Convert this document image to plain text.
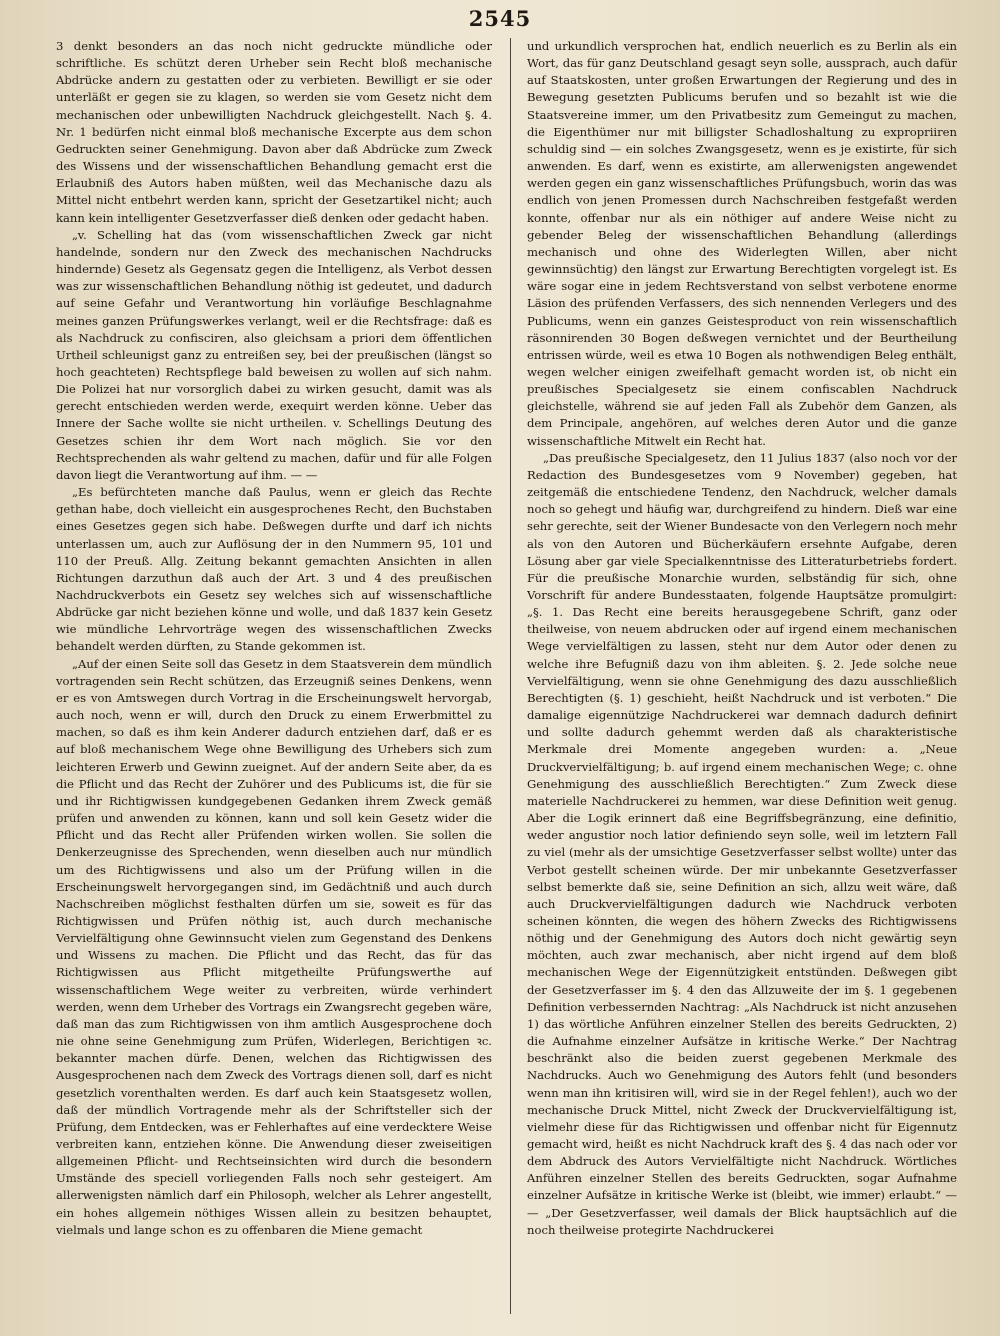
2545

3 denkt besonders an das noch nicht gedruckte mündliche oder schriftliche. Es schützt deren Urheber sein Recht bloß mechanische Abdrücke andern zu gestatten oder zu verbieten. Bewilligt er sie oder unterläßt er gegen sie zu klagen, so werden sie vom Gesetz nicht dem mechanischen oder unbewilligten Nachdruck gleichgestellt. Nach §. 4. Nr. 1 bedürfen nicht einmal bloß mechanische Excerpte aus dem schon Gedruckten seiner Genehmigung. Davon aber daß Abdrücke zum Zweck des Wissens und der wissenschaftlichen Behandlung gemacht erst die Erlaubniß des Autors haben müßten, weil das Mechanische dazu als Mittel nicht entbehrt werden kann, spricht der Gesetzartikel nicht; auch kann kein intelligenter Gesetzverfasser dieß denken oder gedacht haben.

„v. Schelling hat das (vom wissenschaftlichen Zweck gar nicht handelnde, sondern nur den Zweck des mechanischen Nachdrucks hindernde) Gesetz als Gegensatz gegen die Intelligenz, als Verbot dessen was zur wissenschaftlichen Behandlung nöthig ist gedeutet, und dadurch auf seine Gefahr und Verantwortung hin vorläufige Beschlagnahme meines ganzen Prüfungswerkes verlangt, weil er die Rechtsfrage: daß es als Nachdruck zu confisciren, also gleichsam a priori dem öffentlichen Urtheil schleunigst ganz zu entreißen sey, bei der preußischen (längst so hoch geachteten) Rechtspflege bald beweisen zu wollen auf sich nahm. Die Polizei hat nur vorsorglich dabei zu wirken gesucht, damit was als gerecht entschieden werden werde, exequirt werden könne. Ueber das Innere der Sache wollte sie nicht urtheilen. v. Schellings Deutung des Gesetzes schien ihr dem Wort nach möglich. Sie vor den Rechtsprechenden als wahr geltend zu machen, dafür und für alle Folgen davon liegt die Verantwortung auf ihm. — —

„Es befürchteten manche daß Paulus, wenn er gleich das Rechte gethan habe, doch vielleicht ein ausgesprochenes Recht, den Buchstaben eines Gesetzes gegen sich habe. Deßwegen durfte und darf ich nichts unterlassen um, auch zur Auflösung der in den Nummern 95, 101 und 110 der Preuß. Allg. Zeitung bekannt gemachten Ansichten in allen Richtungen darzuthun daß auch der Art. 3 und 4 des preußischen Nachdruckverbots ein Gesetz sey welches sich auf wissenschaftliche Abdrücke gar nicht beziehen könne und wolle, und daß 1837 kein Gesetz wie mündliche Lehrvorträge wegen des wissenschaftlichen Zwecks behandelt werden dürften, zu Stande gekommen ist.

„Auf der einen Seite soll das Gesetz in dem Staatsverein dem mündlich vortragenden sein Recht schützen, das Erzeugniß seines Denkens, wenn er es von Amtswegen durch Vortrag in die Erscheinungswelt hervorgab, auch noch, wenn er will, durch den Druck zu einem Erwerbmittel zu machen, so daß es ihm kein Anderer dadurch entziehen darf, daß er es auf bloß mechanischem Wege ohne Bewilligung des Urhebers sich zum leichteren Erwerb und Gewinn zueignet. Auf der andern Seite aber, da es die Pflicht und das Recht der Zuhörer und des Publicums ist, die für sie und ihr Richtigwissen kundgegebenen Gedanken ihrem Zweck gemäß prüfen und anwenden zu können, kann und soll kein Gesetz wider die Pflicht und das Recht aller Prüfenden wirken wollen. Sie sollen die Denkerzeugnisse des Sprechenden, wenn dieselben auch nur mündlich um des Richtigwissens und also um der Prüfung willen in die Erscheinungswelt hervorgegangen sind, im Gedächtniß und auch durch Nachschreiben möglichst festhalten dürfen um sie, soweit es für das Richtigwissen und Prüfen nöthig ist, auch durch mechanische Vervielfältigung ohne Gewinnsucht vielen zum Gegenstand des Denkens und Wissens zu machen. Die Pflicht und das Recht, das für das Richtigwissen aus Pflicht mitgetheilte Prüfungswerthe auf wissenschaftlichem Wege weiter zu verbreiten, würde verhindert werden, wenn dem Urheber des Vortrags ein Zwangsrecht gegeben wäre, daß man das zum Richtigwissen von ihm amtlich Ausgesprochene doch nie ohne seine Genehmigung zum Prüfen, Widerlegen, Berichtigen ꝛc. bekannter machen dürfe. Denen, welchen das Richtigwissen des Ausgesprochenen nach dem Zweck des Vortrags dienen soll, darf es nicht gesetzlich vorenthalten werden. Es darf auch kein Staatsgesetz wollen, daß der mündlich Vortragende mehr als der Schriftsteller sich der Prüfung, dem Entdecken, was er Fehlerhaftes auf eine verdecktere Weise verbreiten kann, entziehen könne. Die Anwendung dieser zweiseitigen allgemeinen Pflicht- und Rechtseinsichten wird durch die besondern Umstände des speciell vorliegenden Falls noch sehr gesteigert. Am allerwenigsten nämlich darf ein Philosoph, welcher als Lehrer angestellt, ein hohes allgemein nöthiges Wissen allein zu besitzen behauptet, vielmals und lange schon es zu offenbaren die Miene gemacht

und urkundlich versprochen hat, endlich neuerlich es zu Berlin als ein Wort, das für ganz Deutschland gesagt seyn solle, aussprach, auch dafür auf Staatskosten, unter großen Erwartungen der Regierung und des in Bewegung gesetzten Publicums berufen und so bezahlt ist wie die Staatsvereine immer, um den Privatbesitz zum Gemeingut zu machen, die Eigenthümer nur mit billigster Schadloshaltung zu expropriiren schuldig sind — ein solches Zwangsgesetz, wenn es je existirte, für sich anwenden. Es darf, wenn es existirte, am allerwenigsten angewendet werden gegen ein ganz wissenschaftliches Prüfungsbuch, worin das was endlich von jenen Promessen durch Nachschreiben festgefaßt werden konnte, offenbar nur als ein nöthiger auf andere Weise nicht zu gebender Beleg der wissenschaftlichen Behandlung (allerdings mechanisch und ohne des Widerlegten Willen, aber nicht gewinnsüchtig) den längst zur Erwartung Berechtigten vorgelegt ist. Es wäre sogar eine in jedem Rechtsverstand von selbst verbotene enorme Läsion des prüfenden Verfassers, des sich nennenden Verlegers und des Publicums, wenn ein ganzes Geistesproduct von rein wissenschaftlich räsonnirenden 30 Bogen deßwegen vernichtet und der Beurtheilung entrissen würde, weil es etwa 10 Bogen als nothwendigen Beleg enthält, wegen welcher einigen zweifelhaft gemacht worden ist, ob nicht ein preußisches Specialgesetz sie einem confiscablen Nachdruck gleichstelle, während sie auf jeden Fall als Zubehör dem Ganzen, als dem Principale, angehören, auf welches deren Autor und die ganze wissenschaftliche Mitwelt ein Recht hat.

„Das preußische Specialgesetz, den 11 Julius 1837 (also noch vor der Redaction des Bundesgesetzes vom 9 November) gegeben, hat zeitgemäß die entschiedene Tendenz, den Nachdruck, welcher damals noch so gehegt und häufig war, durchgreifend zu hindern. Dieß war eine sehr gerechte, seit der Wiener Bundesacte von den Verlegern noch mehr als von den Autoren und Bücherkäufern ersehnte Aufgabe, deren Lösung aber gar viele Specialkenntnisse des Litteraturbetriebs fordert. Für die preußische Monarchie wurden, selbständig für sich, ohne Vorschrift für andere Bundesstaaten, folgende Hauptsätze promulgirt: „§. 1. Das Recht eine bereits herausgegebene Schrift, ganz oder theilweise, von neuem abdrucken oder auf irgend einem mechanischen Wege vervielfältigen zu lassen, steht nur dem Autor oder denen zu welche ihre Befugniß dazu von ihm ableiten. §. 2. Jede solche neue Vervielfältigung, wenn sie ohne Genehmigung des dazu ausschließlich Berechtigten (§. 1) geschieht, heißt Nachdruck und ist verboten.“ Die damalige eigennützige Nachdruckerei war demnach dadurch definirt und sollte dadurch gehemmt werden daß als charakteristische Merkmale drei Momente angegeben wurden: a. „Neue Druckvervielfältigung; b. auf irgend einem mechanischen Wege; c. ohne Genehmigung des ausschließlich Berechtigten.“ Zum Zweck diese materielle Nachdruckerei zu hemmen, war diese Definition weit genug. Aber die Logik erinnert daß eine Begriffsbegränzung, eine definitio, weder angustior noch latior definiendo seyn solle, weil im letztern Fall zu viel (mehr als der umsichtige Gesetzverfasser selbst wollte) unter das Verbot gestellt scheinen würde. Der mir unbekannte Gesetzverfasser selbst bemerkte daß sie, seine Definition an sich, allzu weit wäre, daß auch Druckvervielfältigungen dadurch wie Nachdruck verboten scheinen könnten, die wegen des höhern Zwecks des Richtigwissens nöthig und der Genehmigung des Autors doch nicht gewärtig seyn möchten, auch zwar mechanisch, aber nicht irgend auf dem bloß mechanischen Wege der Eigennützigkeit entstünden. Deßwegen gibt der Gesetzverfasser im §. 4 den das Allzuweite der im §. 1 gegebenen Definition verbessernden Nachtrag: „Als Nachdruck ist nicht anzusehen 1) das wörtliche Anführen einzelner Stellen des bereits Gedruckten, 2) die Aufnahme einzelner Aufsätze in kritische Werke.“ Der Nachtrag beschränkt also die beiden zuerst gegebenen Merkmale des Nachdrucks. Auch wo Genehmigung des Autors fehlt (und besonders wenn man ihn kritisiren will, wird sie in der Regel fehlen!), auch wo der mechanische Druck Mittel, nicht Zweck der Druckvervielfältigung ist, vielmehr diese für das Richtigwissen und offenbar nicht für Eigennutz gemacht wird, heißt es nicht Nachdruck kraft des §. 4 das nach oder vor dem Abdruck des Autors Vervielfältigte nicht Nachdruck. Wörtliches Anführen einzelner Stellen des bereits Gedruckten, sogar Aufnahme einzelner Aufsätze in kritische Werke ist (bleibt, wie immer) erlaubt.“ — — „Der Gesetzverfasser, weil damals der Blick hauptsächlich auf die noch theilweise protegirte Nachdruckerei
